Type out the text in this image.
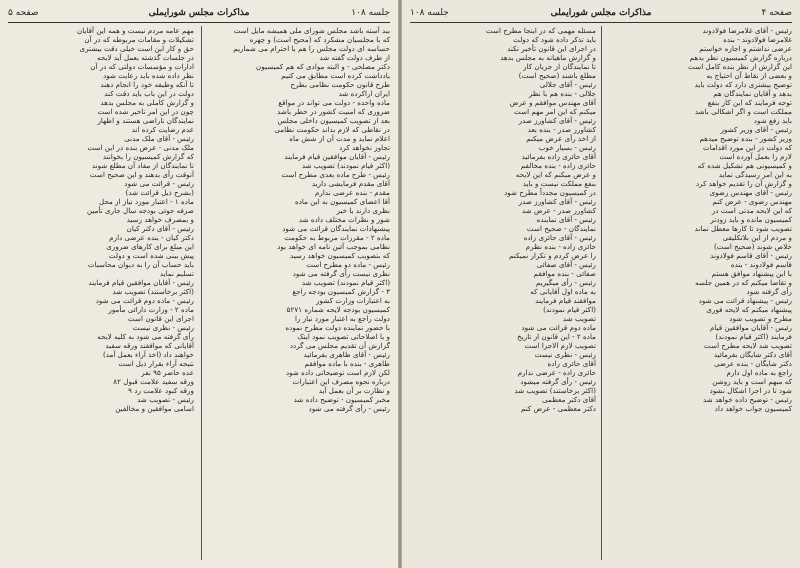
جلسه ۱۰۸
مذاکرات مجلس شورایملی
صفحه ۵
ببد آسته باشد مجلس شورای ملی همیشه مایل است
که با مجلسیان مشکرد که (محیح است) و چهره
حساسه ای دولت مجلس را هم با احترام می شماریم
از طرف دولت گفته شد
دکتر مصلحی - و البته موادی که هم کمیسیون
یادداشت کرده است مطابق می کنیم
طرح قانون حکومت نظامی بطرح
ایران اراکرده شد
ماده واحده - دولت می تواند در مواقع
ضروری که امنیت کشور در خطر باشد
بعد از تصویب کمیسیون داخلی مجلس
در نقاطی که لازم بداند حکومت نظامی
اعلام نماید و مدت آن از شش ماه
تجاوز نخواهد کرد
رئیس - آقایان موافقین قیام فرمایند
(اکثر قیام نمودند) تصویب شد
رئیس - طرح ماده بعدی مطرح است
آقای مقدم فرمایشی دارید
مقدم - بنده عرضی ندارم
آقا اعضای کمیسیون به این ماده
نظری دارند یا خیر
شور و نظرات مختلف داده شد
پیشنهادات نمایندگان قرائت می شود
ماده ۲ - مقررات مربوط به حکومت
نظامی بموجب آئین نامه ای خواهد بود
که بتصویب کمیسیون خواهد رسید
رئیس - ماده دو مطرح است
نظری نیست رأی گرفته می شود
(اکثر قیام نمودند) تصویب شد
۳ - گزارش کمیسیون بودجه راجع
به اعتبارات وزارت کشور
کمیسیون بودجه لایحه شماره ۵۲۷۱
دولت راجع به اعتبار مورد نیاز را
با حضور نماینده دولت مطرح نموده
و با اصلاحاتی تصویب نمود اینک
گزارش آن تقدیم مجلس می گردد
رئیس - آقای طاهری بفرمائید
طاهری - بنده با ماده موافقم
لکن لازم است توضیحاتی داده شود
درباره نحوه مصرف این اعتبارات
و نظارت بر آن بعمل آید
مخبر کمیسیون - توضیح داده شد
رئیس - رأی گرفته می شود
مهم عامه مردم نیست و همه این آقایان
تشکیلات و مقامات مربوطه که در آن
حق و کار این است خیلی دقت بیشتری
در جلسات گذشته بعمل آید لایحه
ادارات و مؤسسات دولتی که در آن
نظر داده شده باید رعایت شود
تا آنکه وظیفه خود را انجام دهند
دولت در این باب باید دقت کند
و گزارش کاملی به مجلس بدهد
چون در این امر تاخیر شده است
نمایندگان ناراضی هستند و اظهار
عدم رضایت کرده اند
رئیس - آقای ملک مدنی
ملک مدنی - عرض بنده در این است
که گزارش کمیسیون را بخوانند
تا نمایندگان از مفاد آن مطلع شوند
آنوقت رأی بدهند و این صحیح است
رئیس - قرائت می شود
(بشرح ذیل قرائت شد)
ماده ۱ - اعتبار مورد نیاز از محل
صرفه جوئی بودجه سال جاری تأمین
و بمصرف خواهد رسید
رئیس - آقای دکتر کیان
دکتر کیان - بنده عرضی دارم
این مبلغ برای کارهای ضروری
پیش بینی شده است و دولت
باید حساب آن را به دیوان محاسبات
تسلیم نماید
رئیس - آقایان موافقین قیام فرمایند
(اکثر برخاستند) تصویب شد
رئیس - ماده دوم قرائت می شود
ماده ۲ - وزارت دارائی مأمور
اجرای این قانون است
رئیس - نظری نیست
رأی گرفته می شود به کلیه لایحه
آقایانی که موافقند ورقه سفید
خواهند داد (اخذ آراء بعمل آمد)
نتیجه آراء بقرار ذیل است
عده حاضر ۹۵ نفر
ورقه سفید علامت قبول ۸۲
ورقه کبود علامت رد ۹
رئیس - تصویب شد
اسامی موافقین و مخالفین
صفحه ۴
مذاکرات مجلس شورایملی
جلسه ۱۰۸
رئیس - آقای غلامرضا فولادوند
غلامرضا فولادوند - بنده
عرضی نداشتم و اجازه خواستم
درباره گزارش کمیسیون نظر بدهم
این گزارش از نظر بنده کامل است
و بعضی از نقاط آن احتیاج به
توضیح بیشتری دارد که دولت باید
بدهد و آقایان نمایندگان هم
توجه فرمایند که این کار بنفع
مملکت است و اگر اشکالی باشد
باید رفع شود
رئیس - آقای وزیر کشور
وزیر کشور - بنده توضیح میدهم
که دولت در این مورد اقدامات
لازم را بعمل آورده است
و کمیسیونی هم تشکیل شده که
به این امر رسیدگی نماید
و گزارش آن را تقدیم خواهد کرد
رئیس - آقای مهندس رضوی
مهندس رضوی - عرض کنم
که این لایحه مدتی است در
کمیسیون مانده و باید زودتر
تصویب شود تا کارها معطل نماند
و مردم از این بلاتکلیفی
خلاص شوند (صحیح است)
رئیس - آقای قاسم فولادوند
قاسم فولادوند - بنده
با این پیشنهاد موافق هستم
و تقاضا میکنم که در همین جلسه
رأی گرفته شود
رئیس - پیشنهاد قرائت می شود
پیشنهاد میکنم که لایحه فوری
مطرح و تصویب شود
رئیس - آقایان موافقین قیام
فرمایند (اکثر قیام نمودند)
تصویب شد لایحه مطرح است
آقای دکتر شایگان بفرمائید
دکتر شایگان - بنده عرضی
راجع به ماده اول دارم
که مبهم است و باید روشن
شود تا در اجرا اشکال نشود
رئیس - توضیح داده خواهد شد
کمیسیون جواب خواهد داد
مسئله مهمی که در اینجا مطرح است
باید تذکر داده شود که دولت
در اجرای این قانون تأخیر نکند
و گزارش ماهیانه به مجلس بدهد
تا نمایندگان از جریان کار
مطلع باشند (صحیح است)
رئیس - آقای جلالی
جلالی - بنده هم با نظر
آقای مهندس موافقم و عرض
میکنم که این امر مهم است
رئیس - آقای کشاورز صدر
کشاورز صدر - بنده بعد
از اخذ رأی عرض میکنم
رئیس - بسیار خوب
آقای حائری زاده بفرمائید
حائری زاده - بنده مخالفم
و عرض میکنم که این لایحه
بنفع مملکت نیست و باید
در کمیسیون مجدداً مطرح شود
رئیس - آقای کشاورز صدر
کشاورز صدر - عرض شد
رئیس - آقای نماینده
نمایندگان - صحیح است
رئیس - آقای حائری زاده
حائری زاده - بنده نظرم
را عرض کردم و تکرار نمیکنم
رئیس - آقای صفائی
صفائی - بنده موافقم
رئیس - رأی میگیریم
به ماده اول آقایانی که
موافقند قیام فرمایند
(اکثر قیام نمودند)
تصویب شد
ماده دوم قرائت می شود
ماده ۲ - این قانون از تاریخ
تصویب لازم الاجرا است
رئیس - نظری نیست
آقای حائری زاده
حائری زاده - عرضی ندارم
رئیس - رأی گرفته میشود
(اکثر برخاستند) تصویب شد
آقای دکتر معظمی
دکتر معظمی - عرض کنم
